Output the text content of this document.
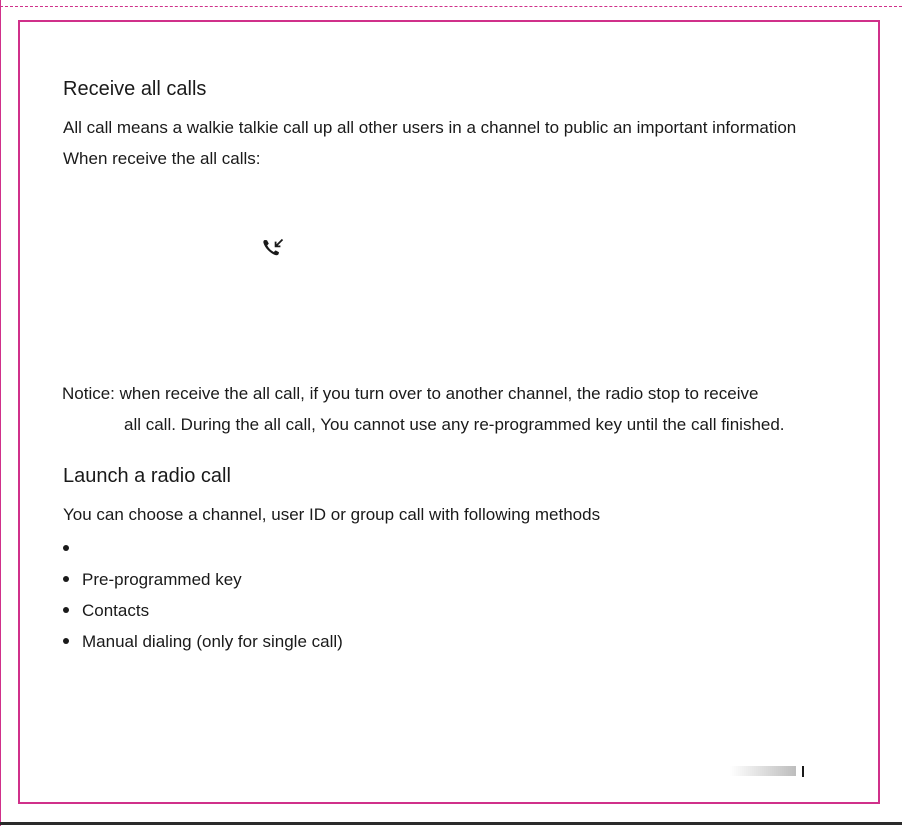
Receive all calls

All call means a walkie talkie call up all other users in a channel to public an important information

When receive the all calls:

Notice: when receive the all call, if you turn over to another channel, the radio stop to receive
all call. During the all call, You cannot use any re-programmed key until the call finished.
Launch a radio call

You can choose a channel, user ID or group call with following methods

Pre-programmed key
Contacts
Manual dialing (only for single call)
